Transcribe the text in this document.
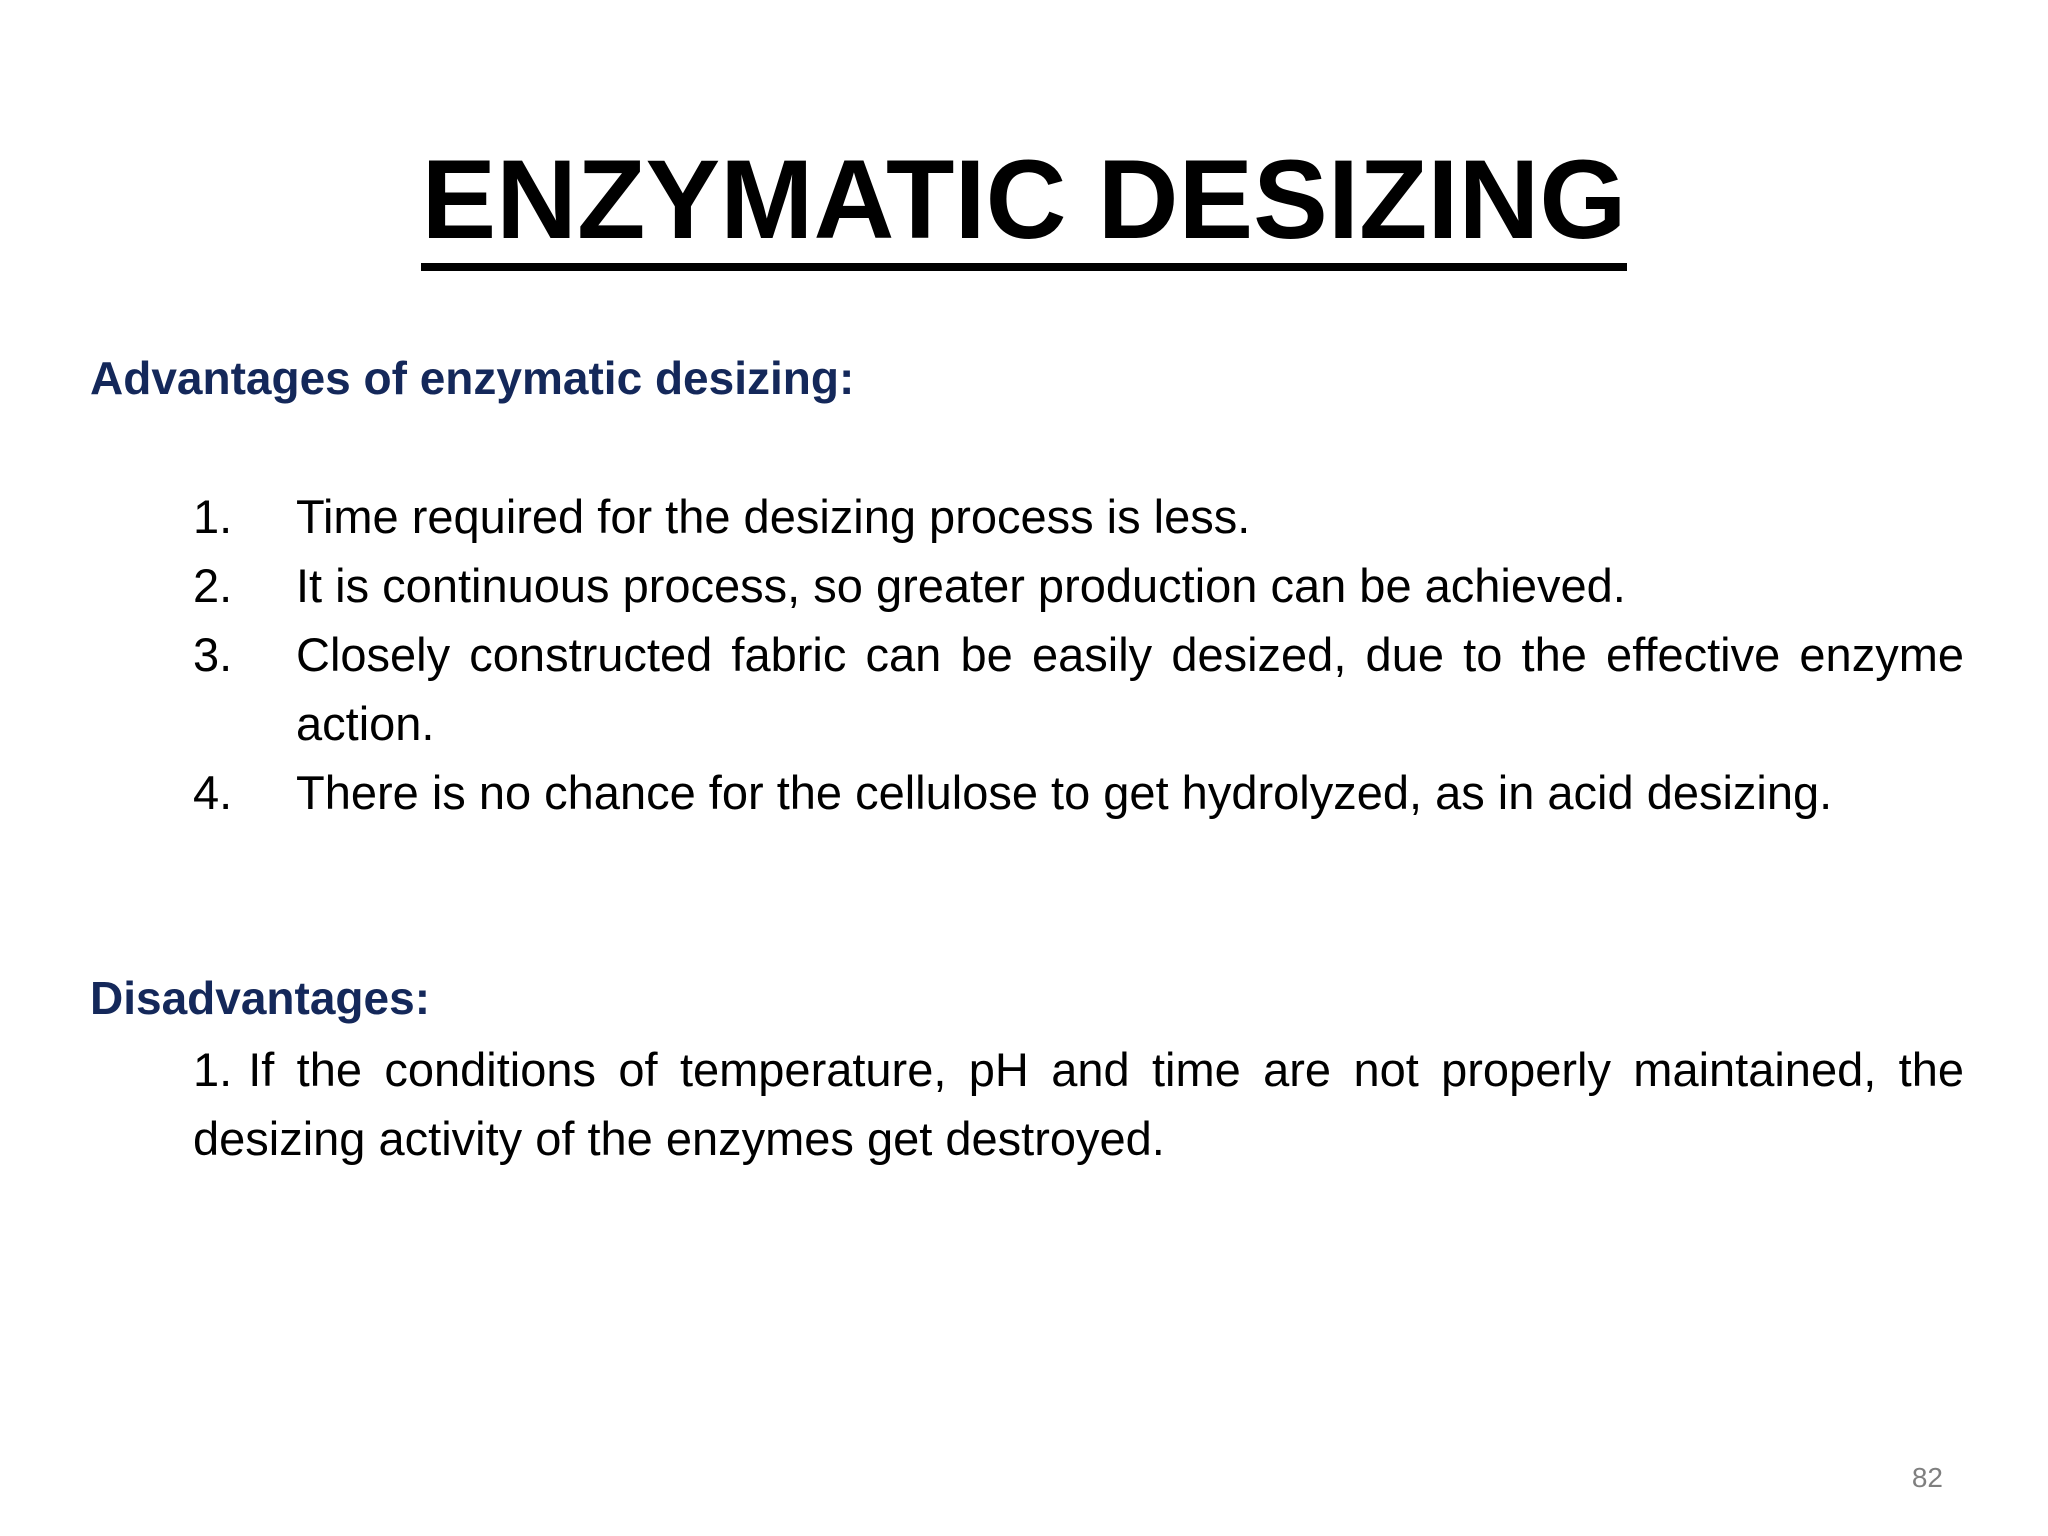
ENZYMATIC DESIZING
Advantages of enzymatic desizing:
1.	Time required for the desizing process is less.
2.	It is continuous process, so greater production can be achieved.
3.	Closely constructed fabric can be easily desized, due to the effective enzyme action.
4.	There is no chance for the cellulose to get hydrolyzed, as in acid desizing.
Disadvantages:

1. If the conditions of temperature, pH and time are not properly maintained, the desizing activity of the enzymes get destroyed.

82
